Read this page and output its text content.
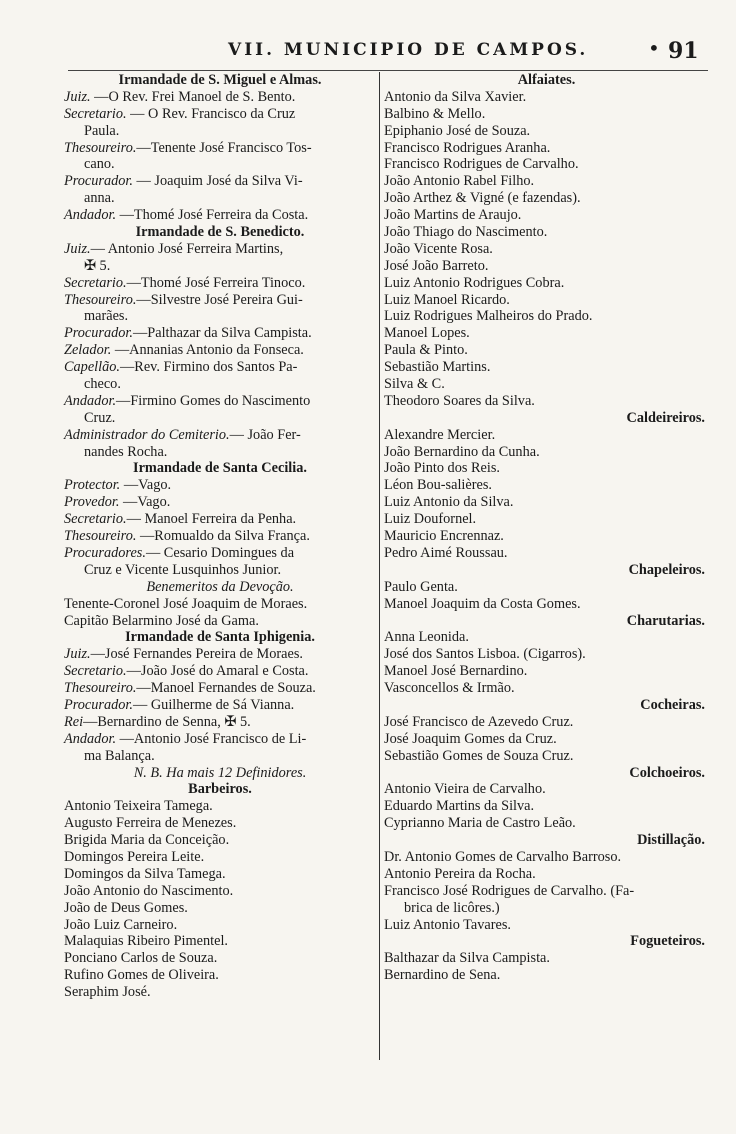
•
VII. MUNICIPIO DE CAMPOS.	91
Irmandade de S. Miguel e Almas.
Juiz. —O Rev. Frei Manoel de S. Bento.
Secretario. — O Rev. Francisco da Cruz
Paula.
Thesoureiro.—Tenente José Francisco Tos-
cano.
Procurador. — Joaquim José da Silva Vi-
anna.
Andador. —Thomé José Ferreira da Costa.
Irmandade de S. Benedicto.
Juiz.— Antonio José Ferreira Martins,
✠ 5.
Secretario.—Thomé José Ferreira Tinoco.
Thesoureiro.—Silvestre José Pereira Gui-
marães.
Procurador.—Palthazar da Silva Campista.
Zelador. —Annanias Antonio da Fonseca.
Capellão.—Rev. Firmino dos Santos Pa-
checo.
Andador.—Firmino Gomes do Nascimento
Cruz.
Administrador do Cemiterio.— João Fer-
nandes Rocha.
Irmandade de Santa Cecilia.
Protector. —Vago.
Provedor. —Vago.
Secretario.— Manoel Ferreira da Penha.
Thesoureiro. —Romualdo da Silva França.
Procuradores.— Cesario Domingues da
Cruz e Vicente Lusquinhos Junior.
Benemeritos da Devoção.
Tenente-Coronel José Joaquim de Moraes.
Capitão Belarmino José da Gama.
Irmandade de Santa Iphigenia.
Juiz.—José Fernandes Pereira de Moraes.
Secretario.—João José do Amaral e Costa.
Thesoureiro.—Manoel Fernandes de Souza.
Procurador.— Guilherme de Sá Vianna.
Rei—Bernardino de Senna, ✠ 5.
Andador. —Antonio José Francisco de Li-
ma Balança.
N. B. Ha mais 12 Definidores.
Barbeiros.
Antonio Teixeira Tamega.
Augusto Ferreira de Menezes.
Brigida Maria da Conceição.
Domingos Pereira Leite.
Domingos da Silva Tamega.
João Antonio do Nascimento.
João de Deus Gomes.
João Luiz Carneiro.
Malaquias Ribeiro Pimentel.
Ponciano Carlos de Souza.
Rufino Gomes de Oliveira.
Seraphim José.
Alfaiates.
Antonio da Silva Xavier.
Balbino & Mello.
Epiphanio José de Souza.
Francisco Rodrigues Aranha.
Francisco Rodrigues de Carvalho.
João Antonio Rabel Filho.
João Arthez & Vigné (e fazendas).
João Martins de Araujo.
João Thiago do Nascimento.
João Vicente Rosa.
José João Barreto.
Luiz Antonio Rodrigues Cobra.
Luiz Manoel Ricardo.
Luiz Rodrigues Malheiros do Prado.
Manoel Lopes.
Paula & Pinto.
Sebastião Martins.
Silva & C.
Theodoro Soares da Silva.
Caldeireiros.
Alexandre Mercier.
João Bernardino da Cunha.
João Pinto dos Reis.
Léon Bou-salières.
Luiz Antonio da Silva.
Luiz Doufornel.
Mauricio Encrennaz.
Pedro Aimé Roussau.
Chapeleiros.
Paulo Genta.
Manoel Joaquim da Costa Gomes.
Charutarias.
Anna Leonida.
José dos Santos Lisboa. (Cigarros).
Manoel José Bernardino.
Vasconcellos & Irmão.
Cocheiras.
José Francisco de Azevedo Cruz.
José Joaquim Gomes da Cruz.
Sebastião Gomes de Souza Cruz.
Colchoeiros.
Antonio Vieira de Carvalho.
Eduardo Martins da Silva.
Cyprianno Maria de Castro Leão.
Distillação.
Dr. Antonio Gomes de Carvalho Barroso.
Antonio Pereira da Rocha.
Francisco José Rodrigues de Carvalho. (Fa-
brica de licôres.)
Luiz Antonio Tavares.
Fogueteiros.
Balthazar da Silva Campista.
Bernardino de Sena.
